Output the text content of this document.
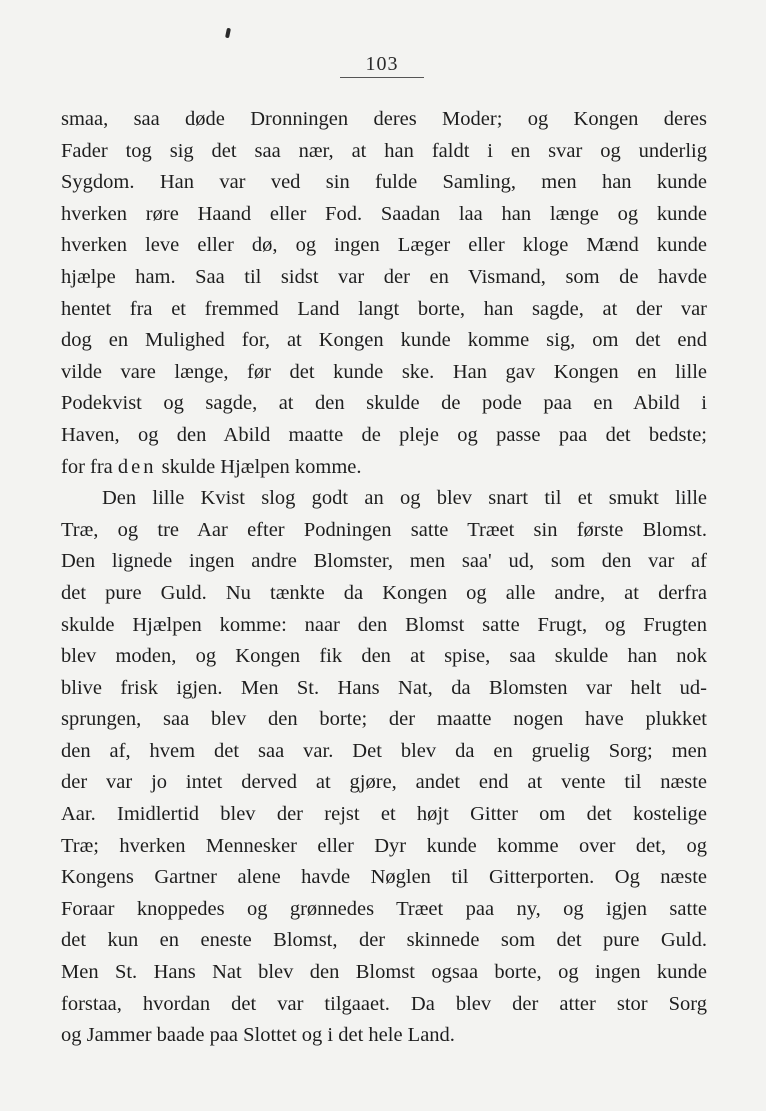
103
smaa, saa døde Dronningen deres Moder; og Kongen deres
Fader tog sig det saa nær, at han faldt i en svar og underlig
Sygdom. Han var ved sin fulde Samling, men han kunde
hverken røre Haand eller Fod. Saadan laa han længe og kunde
hverken leve eller dø, og ingen Læger eller kloge Mænd kunde
hjælpe ham. Saa til sidst var der en Vismand, som de havde
hentet fra et fremmed Land langt borte, han sagde, at der var
dog en Mulighed for, at Kongen kunde komme sig, om det end
vilde vare længe, før det kunde ske. Han gav Kongen en lille
Podekvist og sagde, at den skulde de pode paa en Abild i
Haven, og den Abild maatte de pleje og passe paa det bedste;
for fra den skulde Hjælpen komme.
Den lille Kvist slog godt an og blev snart til et smukt lille
Træ, og tre Aar efter Podningen satte Træet sin første Blomst.
Den lignede ingen andre Blomster, men saa' ud, som den var af
det pure Guld. Nu tænkte da Kongen og alle andre, at derfra
skulde Hjælpen komme: naar den Blomst satte Frugt, og Frugten
blev moden, og Kongen fik den at spise, saa skulde han nok
blive frisk igjen. Men St. Hans Nat, da Blomsten var helt ud-
sprungen, saa blev den borte; der maatte nogen have plukket
den af, hvem det saa var. Det blev da en gruelig Sorg; men
der var jo intet derved at gjøre, andet end at vente til næste
Aar. Imidlertid blev der rejst et højt Gitter om det kostelige
Træ; hverken Mennesker eller Dyr kunde komme over det, og
Kongens Gartner alene havde Nøglen til Gitterporten. Og næste
Foraar knoppedes og grønnedes Træet paa ny, og igjen satte
det kun en eneste Blomst, der skinnede som det pure Guld.
Men St. Hans Nat blev den Blomst ogsaa borte, og ingen kunde
forstaa, hvordan det var tilgaaet. Da blev der atter stor Sorg
og Jammer baade paa Slottet og i det hele Land.
